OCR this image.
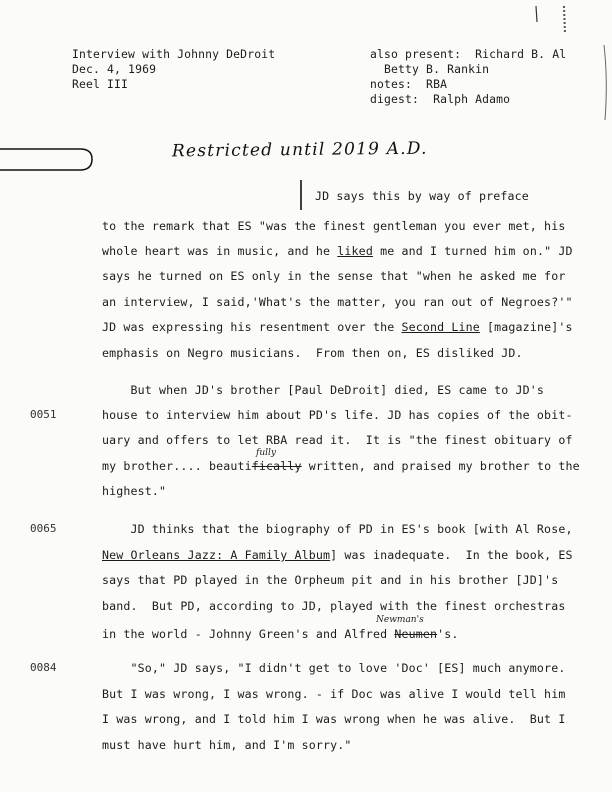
Interview with Johnny DeDroit
Dec. 4, 1969
Reel III
also present:  Richard B. Al
Betty B. Rankin
notes:  RBA
digest:  Ralph Adamo
Restricted until 2019 A.D.
JD says this by way of preface
to the remark that ES "was the finest gentleman you ever met, his
whole heart was in music, and he liked me and I turned him on." JD
says he turned on ES only in the sense that "when he asked me for
an interview, I said,'What's the matter, you ran out of Negroes?'"
JD was expressing his resentment over the Second Line [magazine]'s
emphasis on Negro musicians.  From then on, ES disliked JD.
But when JD's brother [Paul DeDroit] died, ES came to JD's
0051	house to interview him about PD's life. JD has copies of the obit-
uary and offers to let RBA read it.  It is "the finest obituary of
fully
my brother.... beautifically written, and praised my brother to the
highest."
0065	JD thinks that the biography of PD in ES's book [with Al Rose,
New Orleans Jazz: A Family Album] was inadequate.  In the book, ES
says that PD played in the Orpheum pit and in his brother [JD]'s
band.  But PD, according to JD, played with the finest orchestras
Newman's
in the world - Johnny Green's and Alfred Neumen's.
0084	"So," JD says, "I didn't get to love 'Doc' [ES] much anymore.
But I was wrong, I was wrong. - if Doc was alive I would tell him
I was wrong, and I told him I was wrong when he was alive.  But I
must have hurt him, and I'm sorry."
